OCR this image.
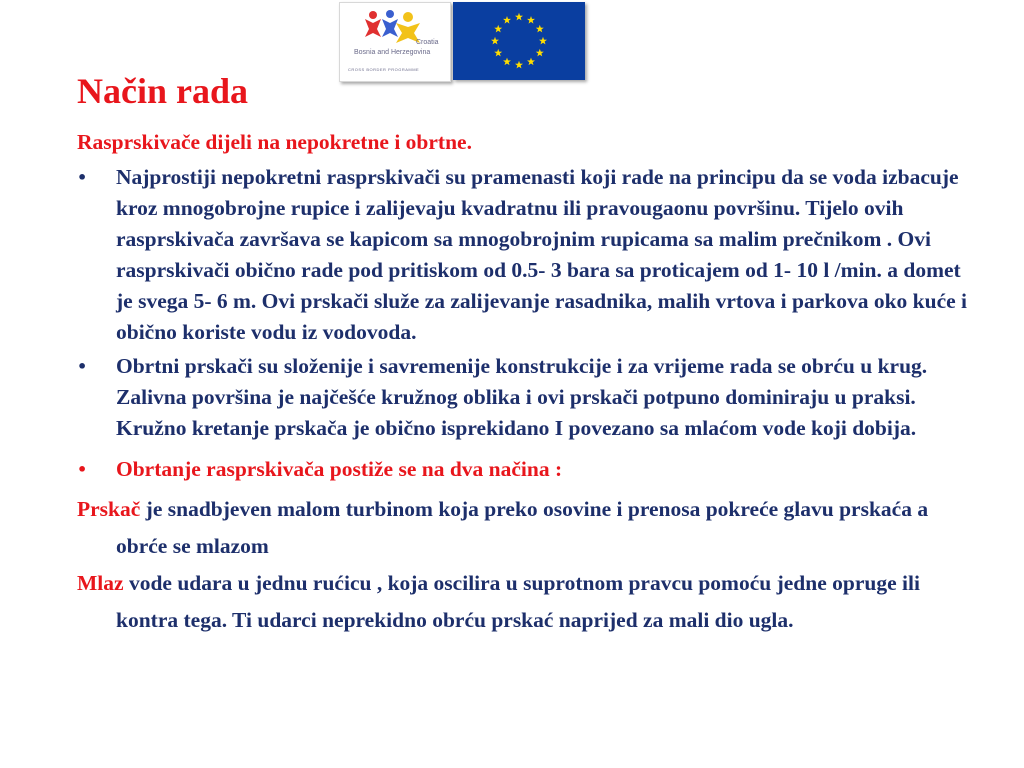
Croatia
Bosnia and Herzegovina
CROSS BORDER PROGRAMME
Način rada

Rasprskivače dijeli na nepokretne i obrtne.

•	Najprostiji nepokretni rasprskivači su pramenasti koji rade na principu da se voda izbacuje kroz mnogobrojne rupice i zalijevaju kvadratnu ili pravougaonu površinu. Tijelo ovih rasprskivača završava se kapicom sa mnogobrojnim rupicama sa malim prečnikom . Ovi rasprskivači obično rade pod pritiskom od 0.5- 3 bara sa proticajem od 1- 10 l /min. a domet je svega 5- 6 m. Ovi prskači služe za zalijevanje rasadnika, malih vrtova i parkova oko kuće i obično koriste vodu iz vodovoda.
•	Obrtni prskači su složenije i savremenije konstrukcije i za vrijeme rada se obrću u krug. Zalivna površina je najčešće kružnog oblika i ovi prskači potpuno dominiraju u praksi. Kružno kretanje prskača je obično isprekidano I povezano sa mlaćom vode koji dobija.
•	Obrtanje rasprskivača postiže se na dva načina :

Prskač je snadbjeven malom turbinom koja preko osovine i prenosa pokreće glavu prskaća a obrće se mlazom

Mlaz vode udara u jednu rućicu , koja oscilira u suprotnom pravcu pomoću jedne opruge ili kontra tega. Ti udarci neprekidno obrću prskać naprijed za mali dio ugla.
